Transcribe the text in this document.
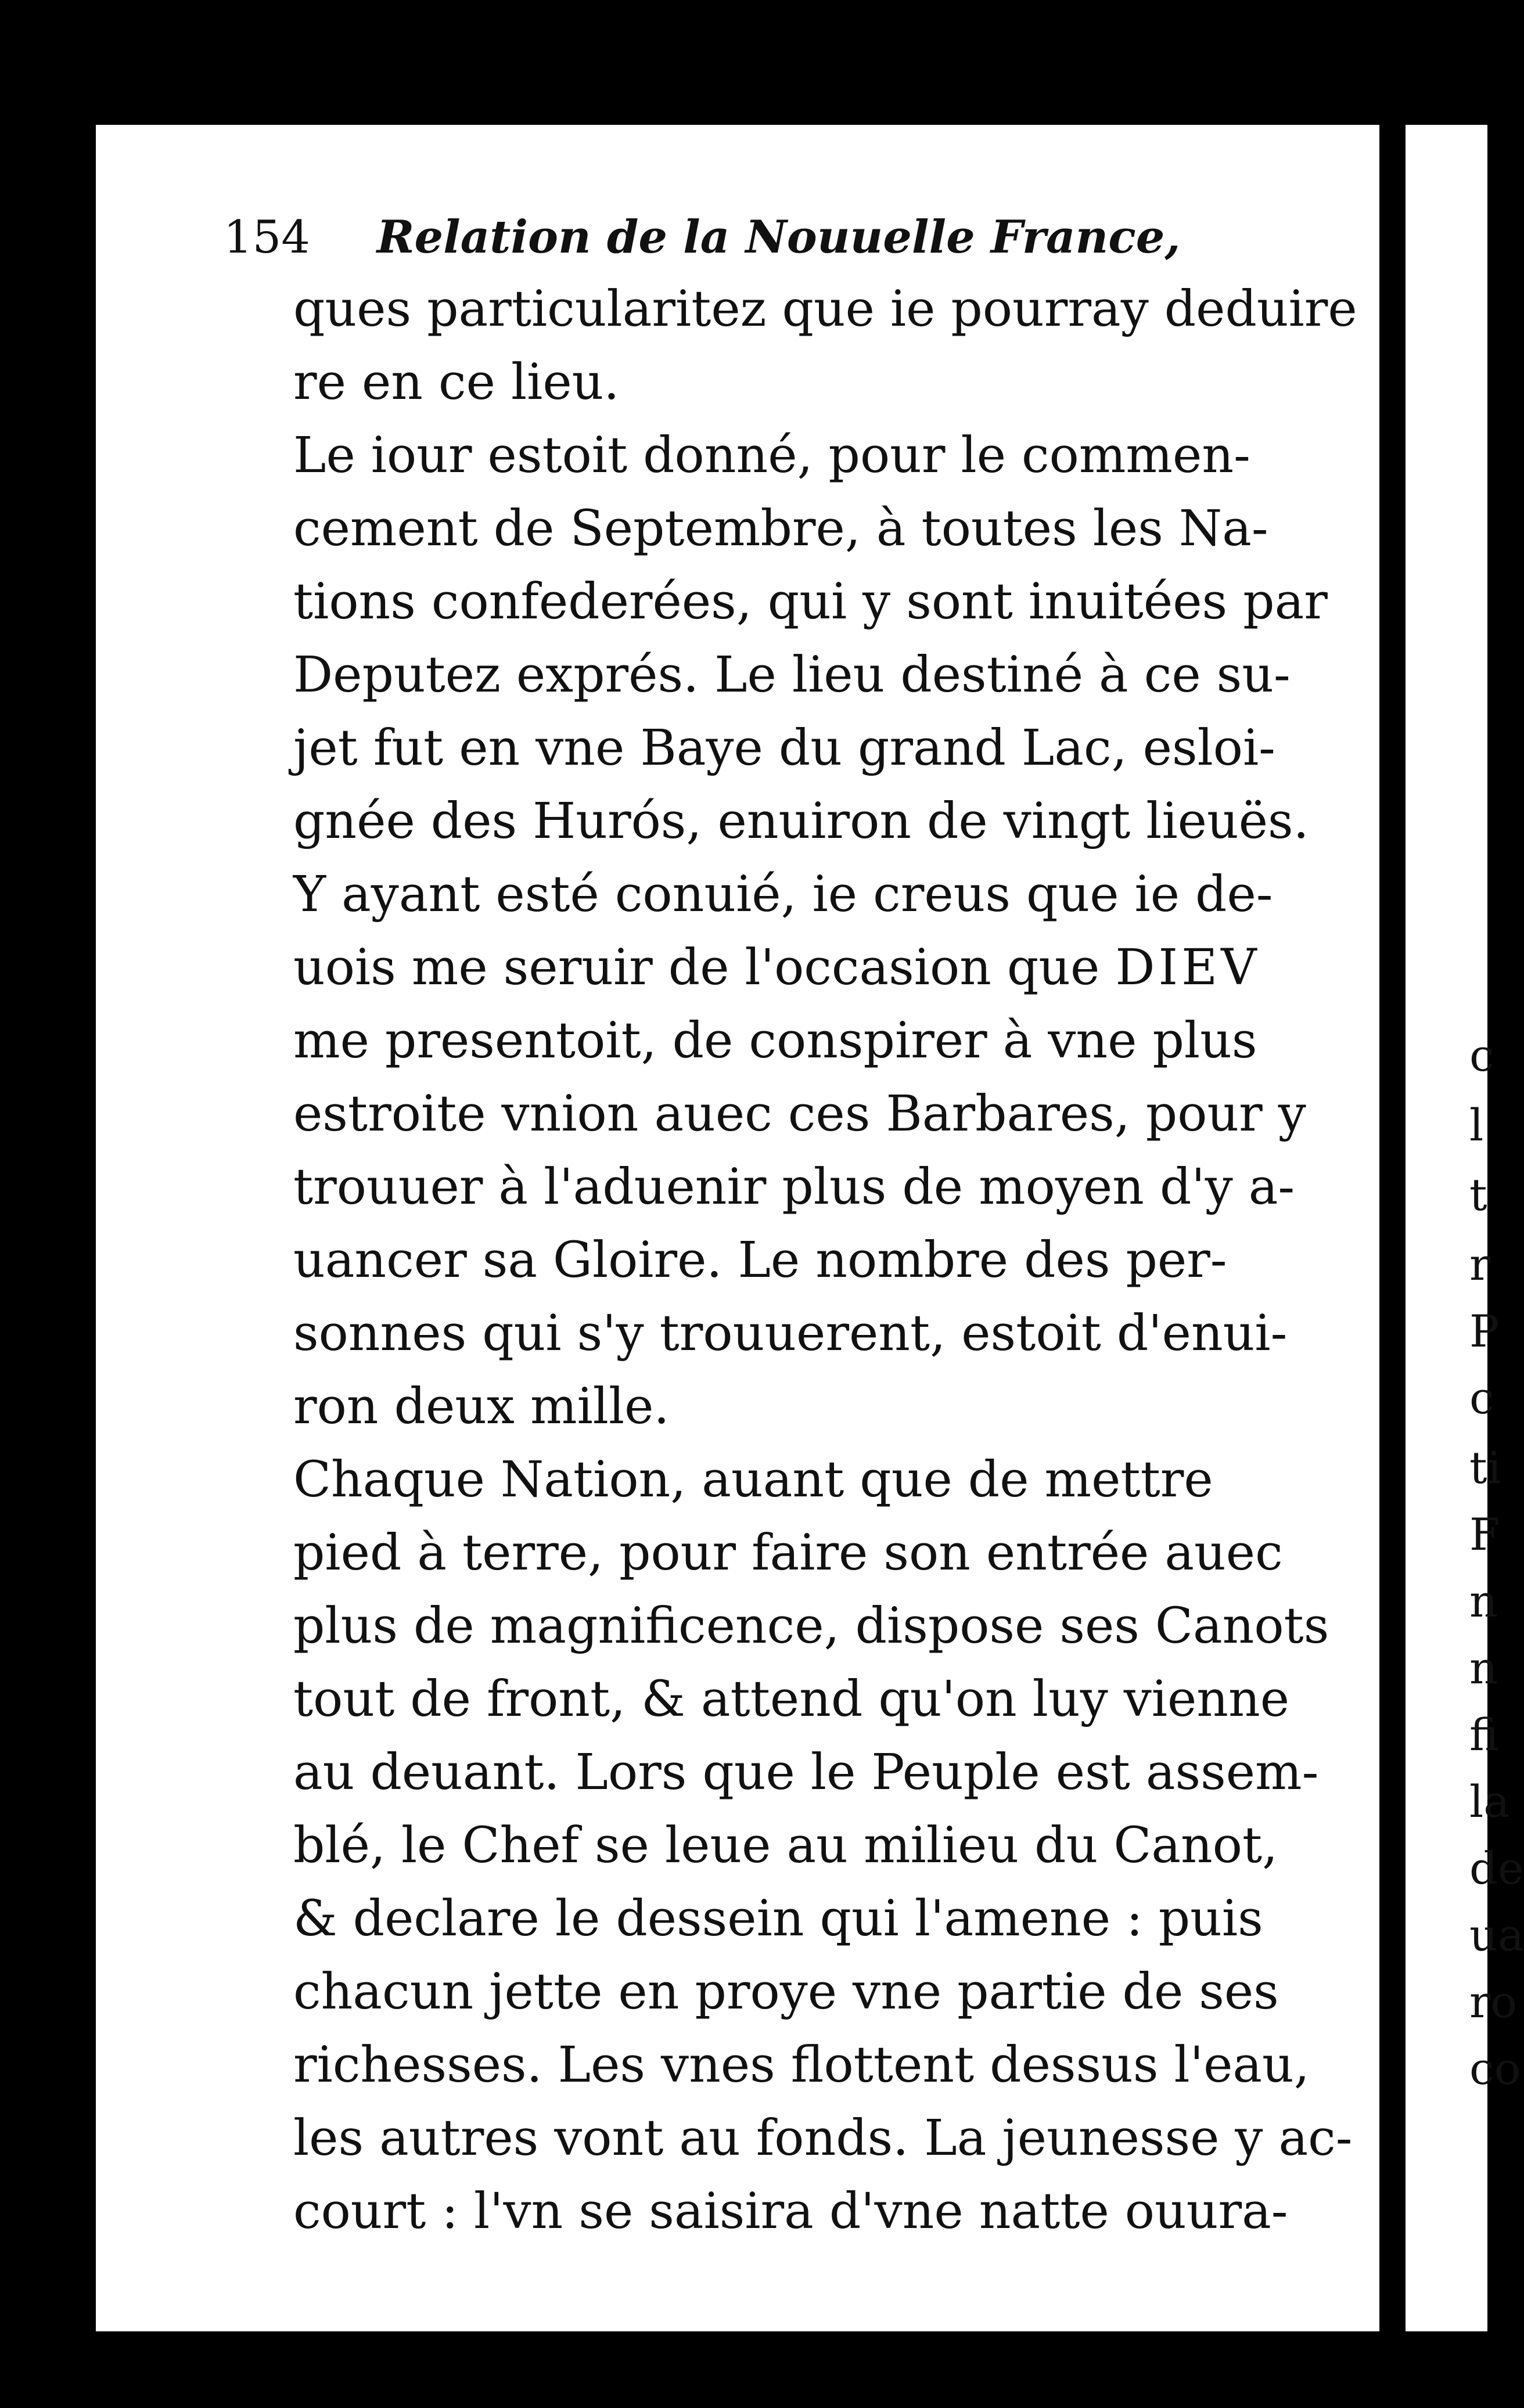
154 Relation de la Nouuelle France,
ques particularitez que ie pourray deduire
re en ce lieu.
Le iour estoit donné, pour le commen-
cement de Septembre, à toutes les Na-
tions confederées, qui y sont inuitées par
Deputez exprés. Le lieu destiné à ce su-
jet fut en vne Baye du grand Lac, esloi-
gnée des Hurós, enuiron de vingt lieuës.
Y ayant esté conuié, ie creus que ie de-
uois me seruir de l'occasion que DIEV
me presentoit, de conspirer à vne plus
estroite vnion auec ces Barbares, pour y
trouuer à l'aduenir plus de moyen d'y a-
uancer sa Gloire. Le nombre des per-
sonnes qui s'y trouuerent, estoit d'enui-
ron deux mille.
Chaque Nation, auant que de mettre
pied à terre, pour faire son entrée auec
plus de magnificence, dispose ses Canots
tout de front, & attend qu'on luy vienne
au deuant. Lors que le Peuple est assem-
blé, le Chef se leue au milieu du Canot,
& declare le dessein qui l'amene : puis
chacun jette en proye vne partie de ses
richesses. Les vnes flottent dessus l'eau,
les autres vont au fonds. La jeunesse y ac-
court : l'vn se saisira d'vne natte ouura-
c
l
t
r
P
c
ti
F
n
n
fi
la
de
ua
ro
co
